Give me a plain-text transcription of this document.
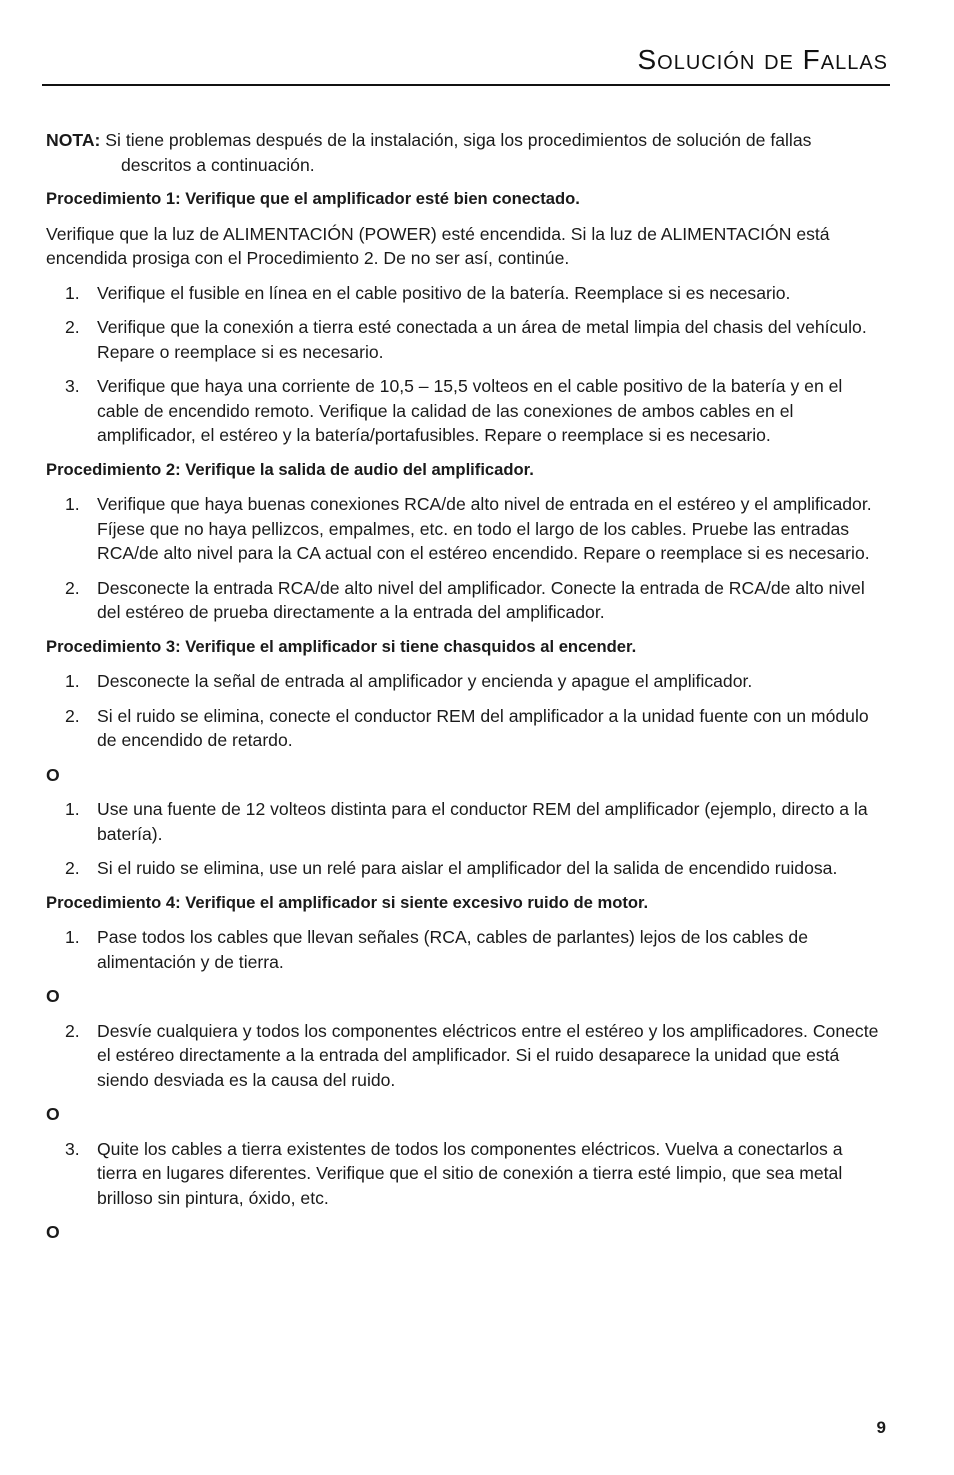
Solución de Fallas

NOTA: Si tiene problemas después de la instalación, siga los procedimientos de solución de fallas descritos a continuación.

Procedimiento 1: Verifique que el amplificador esté bien conectado.

Verifique que la luz de ALIMENTACIÓN (POWER) esté encendida. Si la luz de ALIMENTACIÓN está encendida prosiga con el Procedimiento 2. De no ser así, continúe.

1. Verifique el fusible en línea en el cable positivo de la batería. Reemplace si es necesario.
2. Verifique que la conexión a tierra esté conectada a un área de metal limpia del chasis del vehículo. Repare o reemplace si es necesario.
3. Verifique que haya una corriente de 10,5 – 15,5 volteos en el cable positivo de la batería y en el cable de encendido remoto. Verifique la calidad de las conexiones de ambos cables en el amplificador, el estéreo y la batería/portafusibles. Repare o reemplace si es necesario.

Procedimiento 2: Verifique la salida de audio del amplificador.

1. Verifique que haya buenas conexiones RCA/de alto nivel de entrada en el estéreo y el amplificador. Fíjese que no haya pellizcos, empalmes, etc. en todo el largo de los cables. Pruebe las entradas RCA/de alto nivel para la CA actual con el estéreo encendido. Repare o reemplace si es necesario.
2. Desconecte la entrada RCA/de alto nivel del amplificador. Conecte la entrada de RCA/de alto nivel del estéreo de prueba directamente a la entrada del amplificador.

Procedimiento 3: Verifique el amplificador si tiene chasquidos al encender.

1. Desconecte la señal de entrada al amplificador y encienda y apague el amplificador.
2. Si el ruido se elimina, conecte el conductor REM del amplificador a la unidad fuente con un módulo de encendido de retardo.

O

1. Use una fuente de 12 volteos distinta para el conductor REM del amplificador (ejemplo, directo a la batería).
2. Si el ruido se elimina, use un relé para aislar el amplificador del la salida de encendido ruidosa.

Procedimiento 4: Verifique el amplificador si siente excesivo ruido de motor.

1. Pase todos los cables que llevan señales (RCA, cables de parlantes) lejos de los cables de alimentación y de tierra.

O

2. Desvíe cualquiera y todos los componentes eléctricos entre el estéreo y los amplificadores. Conecte el estéreo directamente a la entrada del amplificador. Si el ruido desaparece la unidad que está siendo desviada es la causa del ruido.

O

3. Quite los cables a tierra existentes de todos los componentes eléctricos. Vuelva a conectarlos a tierra en lugares diferentes. Verifique que el sitio de conexión a tierra esté limpio, que sea metal brilloso sin pintura, óxido, etc.

O

9
